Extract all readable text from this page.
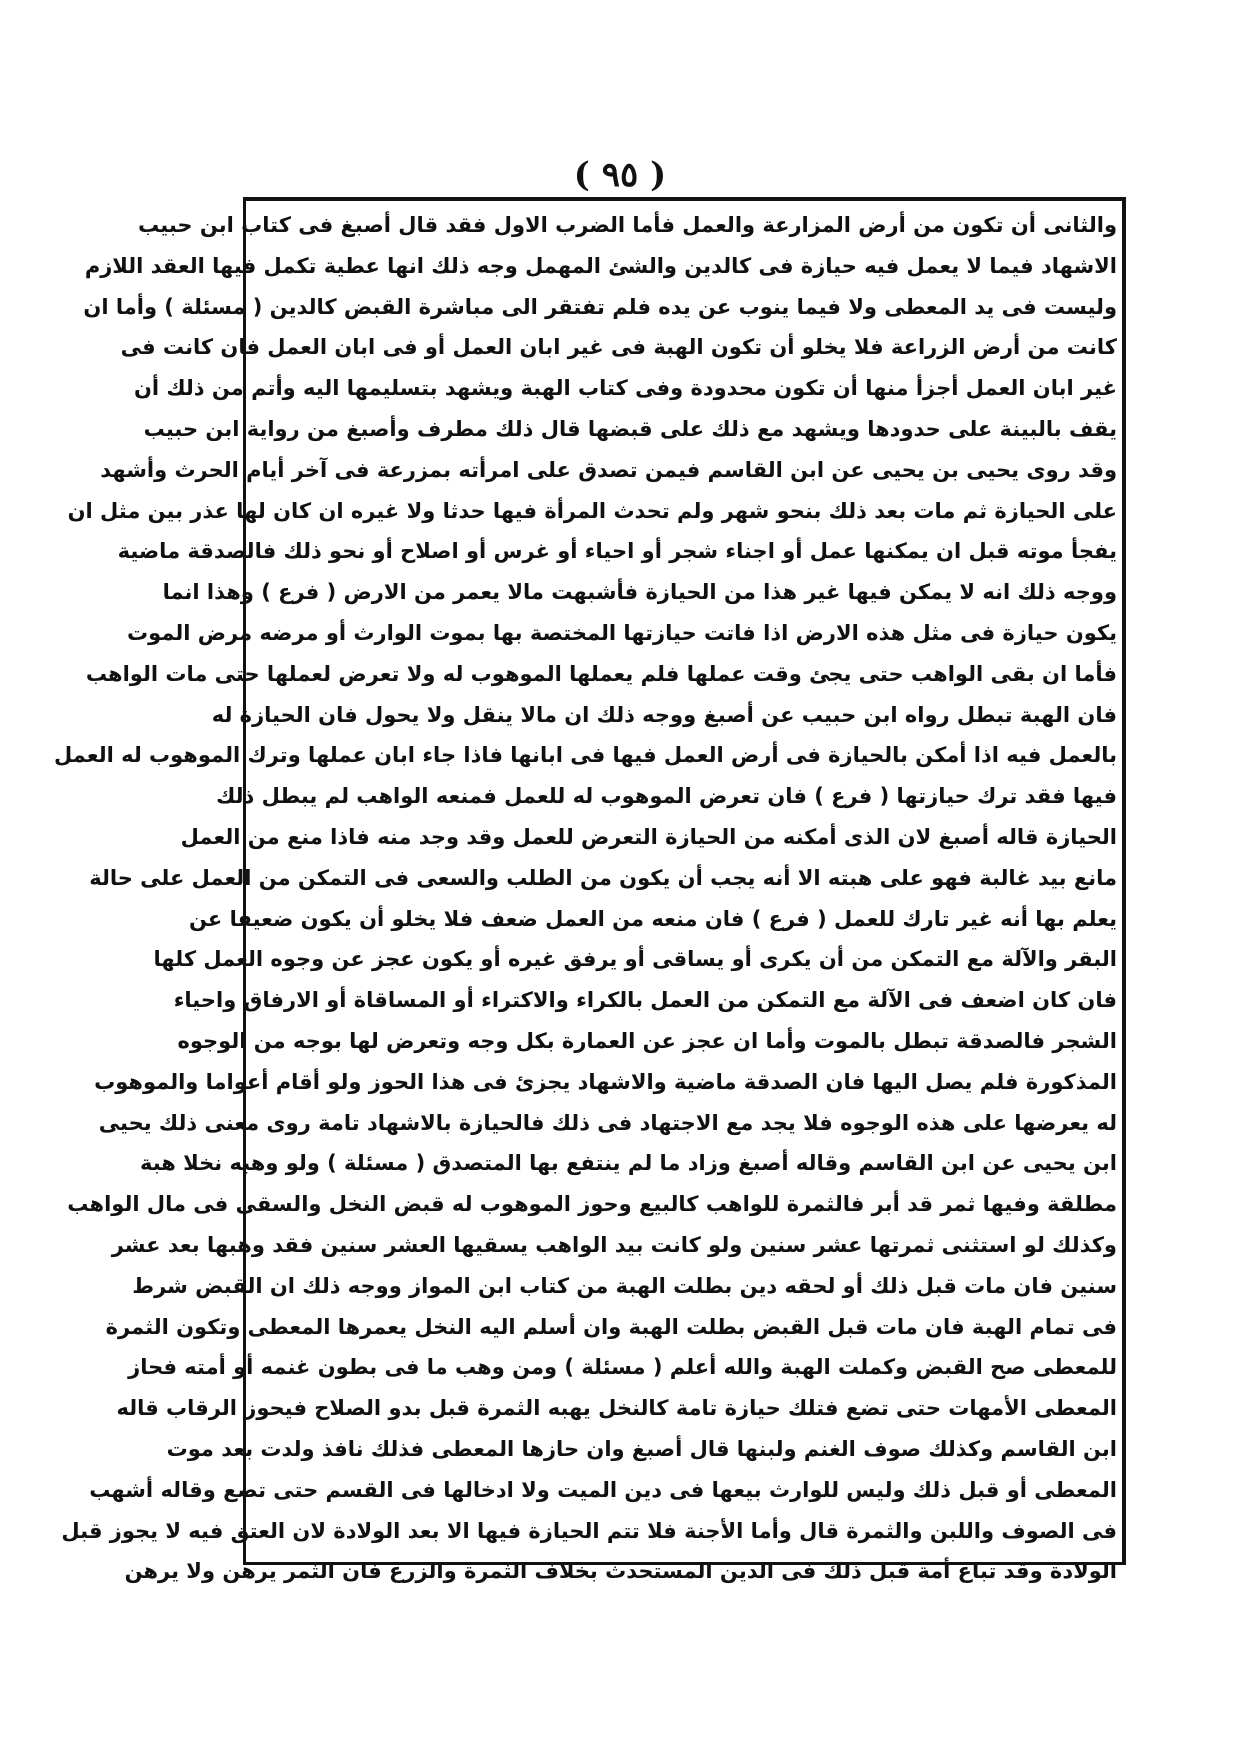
( ٩٥ )
والثانى أن تكون من أرض المزارعة والعمل فأما الضرب الاول فقد قال أصبغ فى كتاب ابن حبيب
الاشهاد فيما لا يعمل فيه حيازة فى كالدين والشئ المهمل وجه ذلك انها عطية تكمل فيها العقد اللازم
وليست فى يد المعطى ولا فيما ينوب عن يده فلم تفتقر الى مباشرة القبض كالدين ( مسئلة ) وأما ان
كانت من أرض الزراعة فلا يخلو أن تكون الهبة فى غير ابان العمل أو فى ابان العمل فان كانت فى
غير ابان العمل أجزأ منها أن تكون محدودة وفى كتاب الهبة ويشهد بتسليمها اليه وأتم من ذلك أن
يقف بالبينة على حدودها ويشهد مع ذلك على قبضها قال ذلك مطرف وأصبغ من رواية ابن حبيب
وقد روى يحيى بن يحيى عن ابن القاسم فيمن تصدق على امرأته بمزرعة فى آخر أيام الحرث وأشهد
على الحيازة ثم مات بعد ذلك بنحو شهر ولم تحدث المرأة فيها حدثا ولا غيره ان كان لها عذر بين مثل ان
يفجأ موته قبل ان يمكنها عمل أو اجناء شجر أو احياء أو غرس أو اصلاح أو نحو ذلك فالصدقة ماضية
ووجه ذلك انه لا يمكن فيها غير هذا من الحيازة فأشبهت مالا يعمر من الارض ( فرع ) وهذا انما
يكون حيازة فى مثل هذه الارض اذا فاتت حيازتها المختصة بها بموت الوارث أو مرضه مرض الموت
فأما ان بقى الواهب حتى يجئ وقت عملها فلم يعملها الموهوب له ولا تعرض لعملها حتى مات الواهب
فان الهبة تبطل رواه ابن حبيب عن أصبغ ووجه ذلك ان مالا ينقل ولا يحول فان الحيازة له
بالعمل فيه اذا أمكن بالحيازة فى أرض العمل فيها فى ابانها فاذا جاء ابان عملها وترك الموهوب له العمل
فيها فقد ترك حيازتها ( فرع ) فان تعرض الموهوب له للعمل فمنعه الواهب لم يبطل ذلك
الحيازة قاله أصبغ لان الذى أمكنه من الحيازة التعرض للعمل وقد وجد منه فاذا منع من العمل
مانع بيد غالبة فهو على هبته الا أنه يجب أن يكون من الطلب والسعى فى التمكن من العمل على حالة
يعلم بها أنه غير تارك للعمل ( فرع ) فان منعه من العمل ضعف فلا يخلو أن يكون ضعيفا عن
البقر والآلة مع التمكن من أن يكرى أو يساقى أو يرفق غيره أو يكون عجز عن وجوه العمل كلها
فان كان اضعف فى الآلة مع التمكن من العمل بالكراء والاكتراء أو المساقاة أو الارفاق واحياء
الشجر فالصدقة تبطل بالموت وأما ان عجز عن العمارة بكل وجه وتعرض لها بوجه من الوجوه
المذكورة فلم يصل اليها فان الصدقة ماضية والاشهاد يجزئ فى هذا الحوز ولو أقام أعواما والموهوب
له يعرضها على هذه الوجوه فلا يجد مع الاجتهاد فى ذلك فالحيازة بالاشهاد تامة روى معنى ذلك يحيى
ابن يحيى عن ابن القاسم وقاله أصبغ وزاد ما لم ينتفع بها المتصدق ( مسئلة ) ولو وهبه نخلا هبة
مطلقة وفيها ثمر قد أبر فالثمرة للواهب كالبيع وحوز الموهوب له قبض النخل والسقى فى مال الواهب
وكذلك لو استثنى ثمرتها عشر سنين ولو كانت بيد الواهب يسقيها العشر سنين فقد وهبها بعد عشر
سنين فان مات قبل ذلك أو لحقه دين بطلت الهبة من كتاب ابن المواز ووجه ذلك ان القبض شرط
فى تمام الهبة فان مات قبل القبض بطلت الهبة وان أسلم اليه النخل يعمرها المعطى وتكون الثمرة
للمعطى صح القبض وكملت الهبة والله أعلم ( مسئلة ) ومن وهب ما فى بطون غنمه أو أمته فحاز
المعطى الأمهات حتى تضع فتلك حيازة تامة كالنخل يهبه الثمرة قبل بدو الصلاح فيحوز الرقاب قاله
ابن القاسم وكذلك صوف الغنم ولبنها قال أصبغ وان حازها المعطى فذلك نافذ ولدت بعد موت
المعطى أو قبل ذلك وليس للوارث بيعها فى دين الميت ولا ادخالها فى القسم حتى تضع وقاله أشهب
فى الصوف واللبن والثمرة قال وأما الأجنة فلا تتم الحيازة فيها الا بعد الولادة لان العتق فيه لا يجوز قبل
الولادة وقد تباع أمة قبل ذلك فى الدين المستحدث بخلاف الثمرة والزرع فان الثمر يرهن ولا يرهن
